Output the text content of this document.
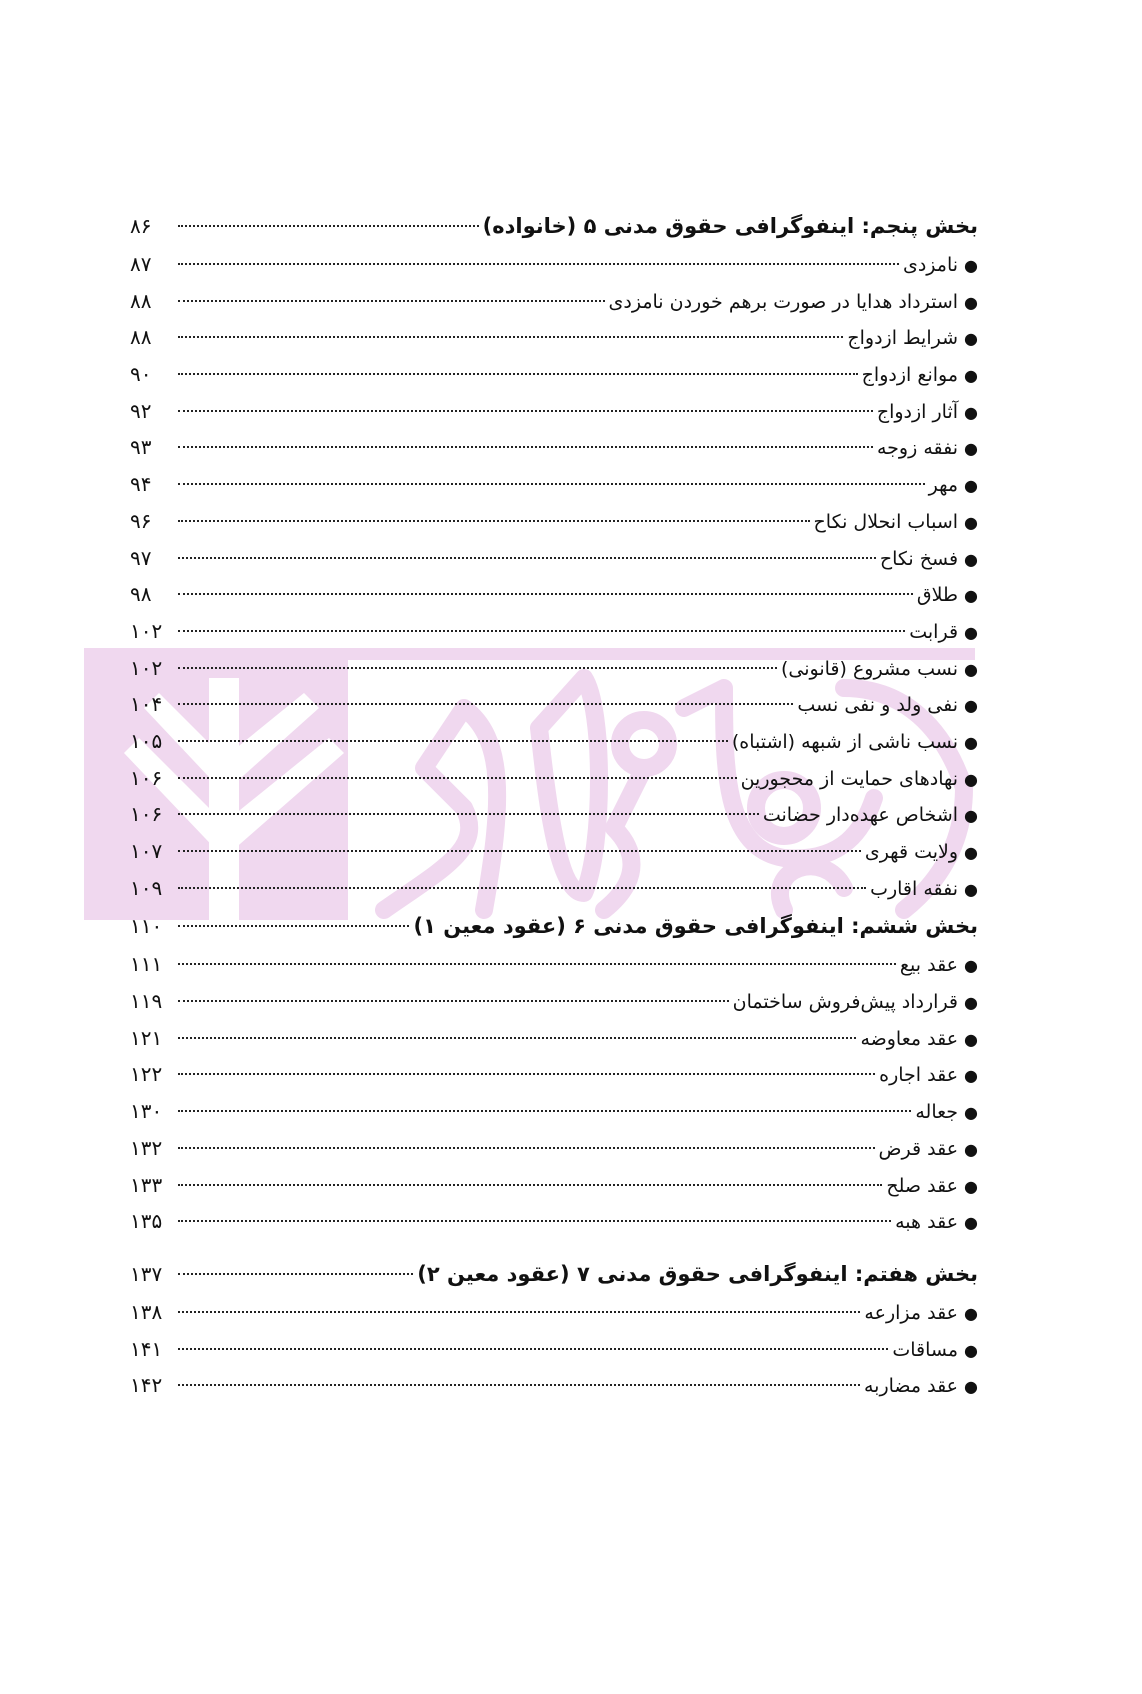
بخش پنجم: اینفوگرافی حقوق مدنی ۵ (خانواده)
۸۶
●
نامزدی
۸۷
●
استرداد هدایا در صورت برهم خوردن نامزدی
۸۸
●
شرایط ازدواج
۸۸
●
موانع ازدواج
۹۰
●
آثار ازدواج
۹۲
●
نفقه زوجه
۹۳
●
مهر
۹۴
●
اسباب انحلال نکاح
۹۶
●
فسخ نکاح
۹۷
●
طلاق
۹۸
●
قرابت
۱۰۲
●
نسب مشروع (قانونی)
۱۰۲
●
نفی ولد و نفی نسب
۱۰۴
●
نسب ناشی از شبهه (اشتباه)
۱۰۵
●
نهادهای حمایت از محجورین
۱۰۶
●
اشخاص عهده‌دار حضانت
۱۰۶
●
ولایت قهری
۱۰۷
●
نفقه اقارب
۱۰۹
بخش ششم: اینفوگرافی حقوق مدنی ۶ (عقود معین ۱)
۱۱۰
●
عقد بیع
۱۱۱
●
قرارداد پیش‌فروش ساختمان
۱۱۹
●
عقد معاوضه
۱۲۱
●
عقد اجاره
۱۲۲
●
جعاله
۱۳۰
●
عقد قرض
۱۳۲
●
عقد صلح
۱۳۳
●
عقد هبه
۱۳۵
بخش هفتم: اینفوگرافی حقوق مدنی ۷ (عقود معین ۲)
۱۳۷
●
عقد مزارعه
۱۳۸
●
مساقات
۱۴۱
●
عقد مضاربه
۱۴۲
